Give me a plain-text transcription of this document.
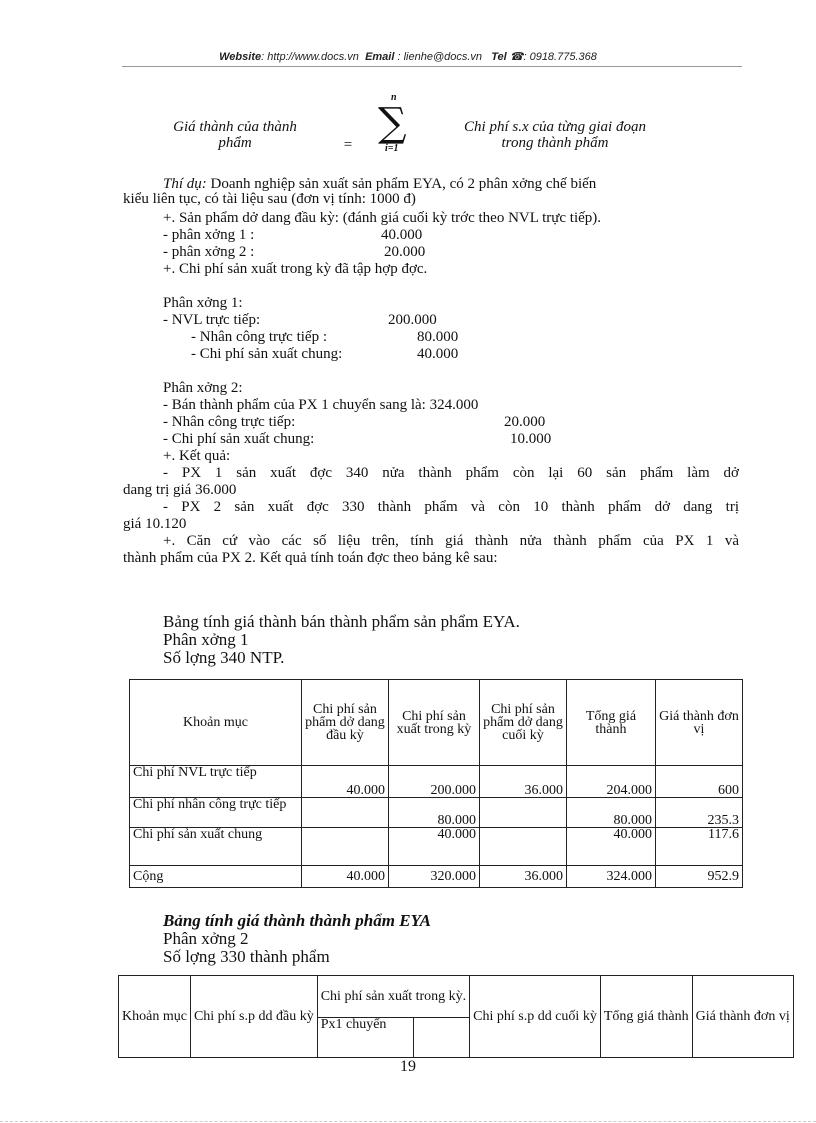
Website: http://www.docs.vn Email : lienhe@docs.vn Tel ☎: 0918.775.368
Giá thành của thành
phẩm	=
n
∑
i=1
Chi phí s.x của từng giai đoạn
trong thành phẩm
Thí dụ: Doanh nghiệp sản xuất sản phẩm EYA, có 2 phân xởng chế biến
kiểu liên tục, có tài liệu sau (đơn vị tính: 1000 đ)
+. Sản phẩm dở dang đầu kỳ: (đánh giá cuối kỳ trớc theo NVL trực tiếp).
- phân xởng 1 :	40.000
- phân xởng 2 :	20.000
+. Chi phí sản xuất trong kỳ đã tập hợp đợc.
Phân xởng 1:
- NVL trực tiếp:	200.000
- Nhân công trực tiếp :	80.000
- Chi phí sản xuất chung:	40.000
Phân xởng 2:
- Bán thành phẩm của PX 1 chuyển sang là: 324.000
- Nhân công trực tiếp:	20.000
- Chi phí sản xuất chung:	10.000
+. Kết quả:
- PX 1 sản xuất đợc 340 nửa thành phẩm còn lại 60 sản phẩm làm dở
dang trị giá 36.000
- PX 2 sản xuất đợc 330 thành phẩm và còn 10 thành phẩm dở dang trị
giá 10.120
+. Căn cứ vào các số liệu trên, tính giá thành nửa thành phẩm của PX 1 và
thành phẩm của PX 2. Kết quả tính toán đợc theo bảng kê sau:
Bảng tính giá thành bán thành phẩm sản phẩm EYA.
Phân xởng 1
Số lợng 340 NTP.
Khoản mục	Chi phí sản phẩm dở dang đầu kỳ	Chi phí sản xuất trong kỳ	Chi phí sản phẩm dở dang cuối kỳ	Tổng giá thành	Giá thành đơn vị
Chi phí NVL trực tiếp	40.000	200.000	36.000	204.000	600
Chi phí nhân công trực tiếp		80.000		80.000	235.3
Chi phí sản xuất chung		40.000		40.000	117.6
Cộng	40.000	320.000	36.000	324.000	952.9
Bảng tính giá thành thành phẩm EYA
Phân xởng 2
Số lợng 330 thành phẩm
Khoản mục	Chi phí s.p dd đầu kỳ	Chi phí sản xuất trong kỳ.		Chi phí s.p dd cuối kỳ	Tổng giá thành	Giá thành đơn vị
		Px1 chuyển				
19
